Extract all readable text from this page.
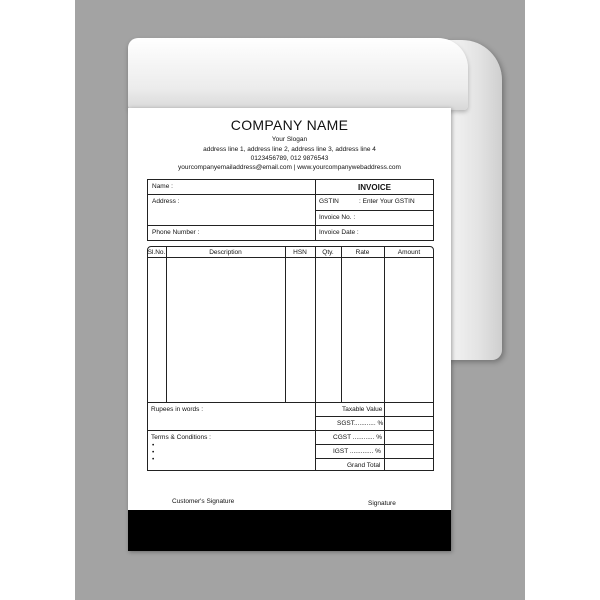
COMPANY NAME
Your Slogan
address line 1, address line 2, address line 3, address line 4
0123456789, 012 9876543
yourcompanyemailaddress@email.com | www.yourcompanywebaddress.com
Name :
Address :
Phone Number :
INVOICE
GSTIN	: Enter Your GSTIN
Invoice No. :
Invoice Date :
Sl.No.	Description	HSN	Qty.	Rate	Amount
Rupees in words :
Terms & Conditions :
•
•
•
Taxable Value
SGST............ %
CGST ............ %
IGST ............. %
Grand Total
Customer's Signature	Signature
